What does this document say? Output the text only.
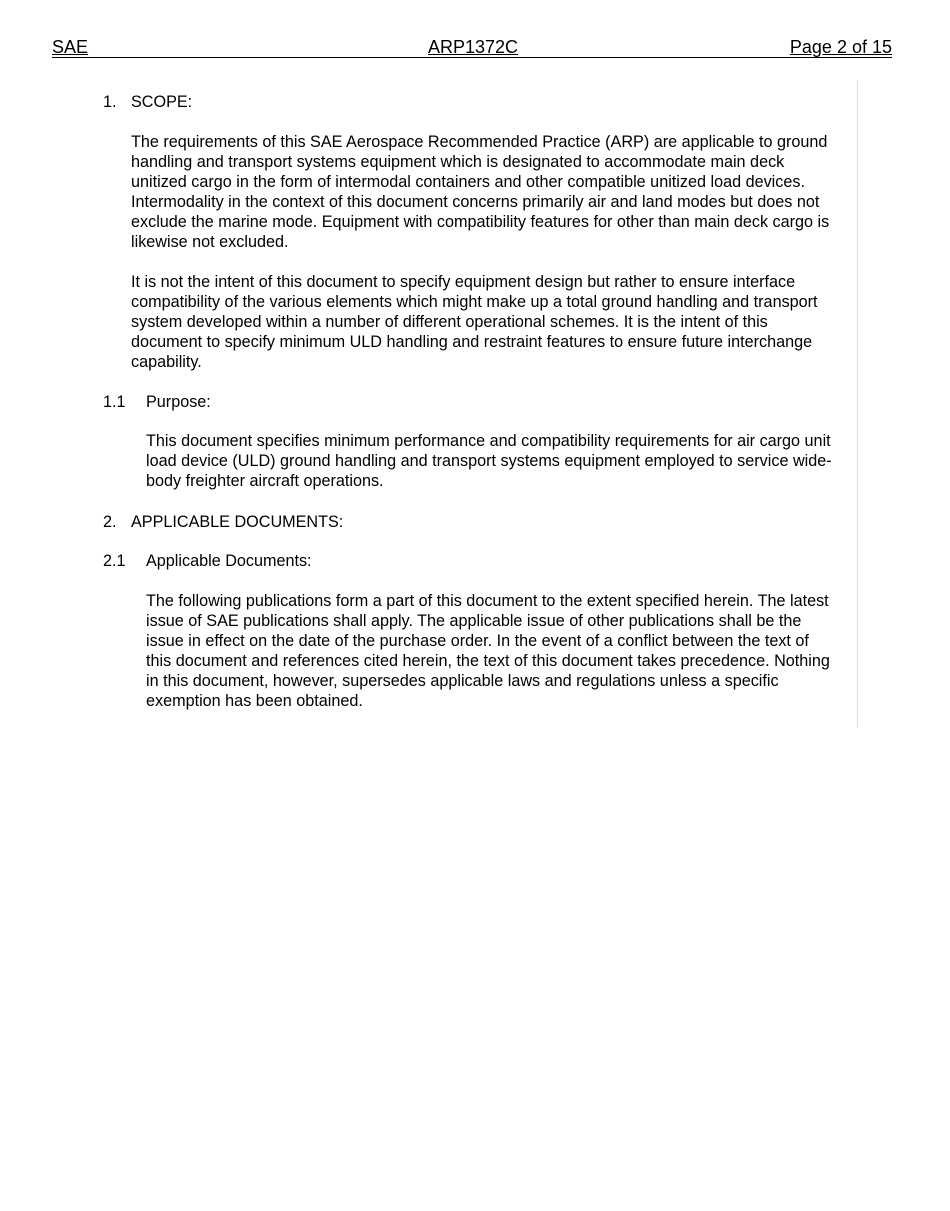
SAE	ARP1372C	Page 2 of 15
1. SCOPE:

The requirements of this SAE Aerospace Recommended Practice (ARP) are applicable to ground handling and transport systems equipment which is designated to accommodate main deck unitized cargo in the form of intermodal containers and other compatible unitized load devices. Intermodality in the context of this document concerns primarily air and land modes but does not exclude the marine mode. Equipment with compatibility features for other than main deck cargo is likewise not excluded.

It is not the intent of this document to specify equipment design but rather to ensure interface compatibility of the various elements which might make up a total ground handling and transport system developed within a number of different operational schemes. It is the intent of this document to specify minimum ULD handling and restraint features to ensure future interchange capability.

1.1 Purpose:

This document specifies minimum performance and compatibility requirements for air cargo unit load device (ULD) ground handling and transport systems equipment employed to service wide-body freighter aircraft operations.

2. APPLICABLE DOCUMENTS:
2.1 Applicable Documents:

The following publications form a part of this document to the extent specified herein. The latest issue of SAE publications shall apply. The applicable issue of other publications shall be the issue in effect on the date of the purchase order. In the event of a conflict between the text of this document and references cited herein, the text of this document takes precedence. Nothing in this document, however, supersedes applicable laws and regulations unless a specific exemption has been obtained.
